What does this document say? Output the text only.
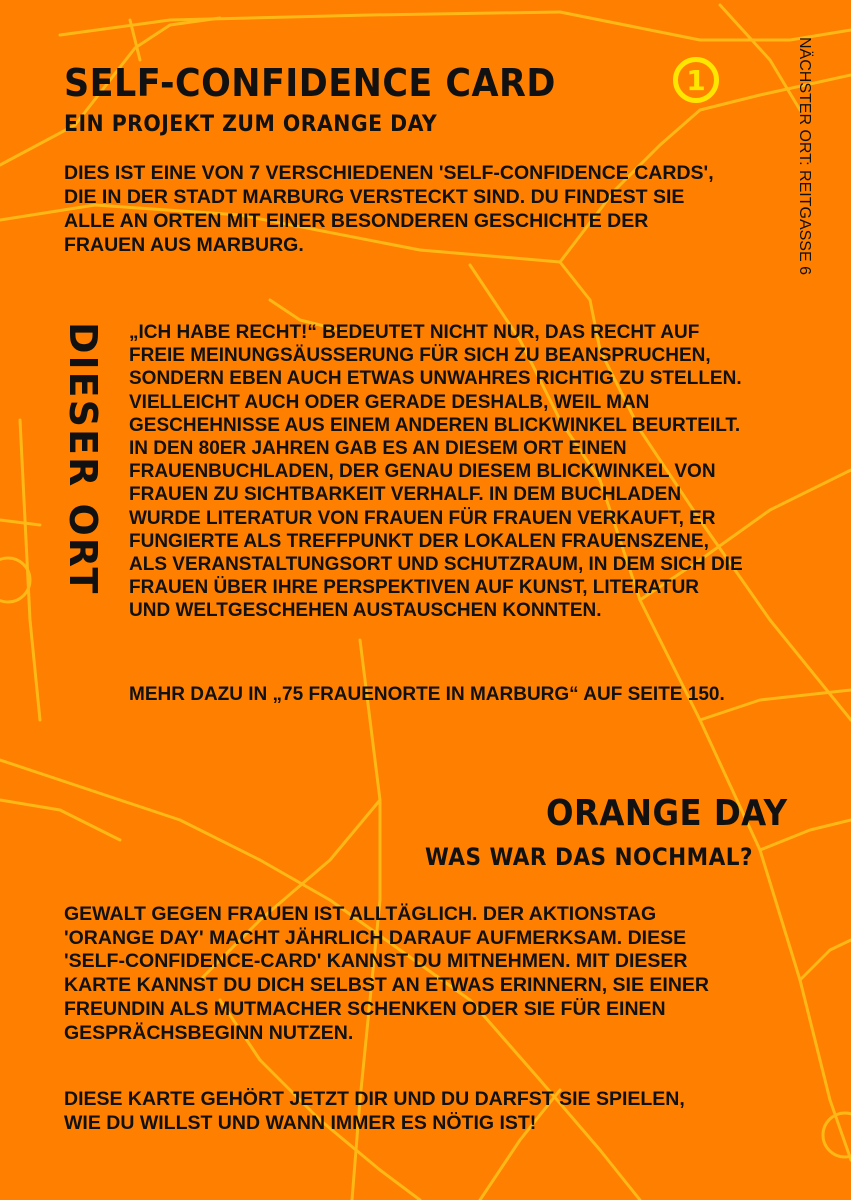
SELF-CONFIDENCE CARD
EIN PROJEKT ZUM ORANGE DAY
1	NÄCHSTER ORT: REITGASSE 6
DIES IST EINE VON 7 VERSCHIEDENEN 'SELF-CONFIDENCE CARDS',
DIE IN DER STADT MARBURG VERSTECKT SIND. DU FINDEST SIE
ALLE AN ORTEN MIT EINER BESONDEREN GESCHICHTE DER
FRAUEN AUS MARBURG.
DIESER ORT „ICH HABE RECHT!“ BEDEUTET NICHT NUR, DAS RECHT AUF
FREIE MEINUNGSÄUSSERUNG FÜR SICH ZU BEANSPRUCHEN,
SONDERN EBEN AUCH ETWAS UNWAHRES RICHTIG ZU STELLEN.
VIELLEICHT AUCH ODER GERADE DESHALB, WEIL MAN
GESCHEHNISSE AUS EINEM ANDEREN BLICKWINKEL BEURTEILT.
IN DEN 80ER JAHREN GAB ES AN DIESEM ORT EINEN
FRAUENBUCHLADEN, DER GENAU DIESEM BLICKWINKEL VON
FRAUEN ZU SICHTBARKEIT VERHALF. IN DEM BUCHLADEN
WURDE LITERATUR VON FRAUEN FÜR FRAUEN VERKAUFT, ER
FUNGIERTE ALS TREFFPUNKT DER LOKALEN FRAUENSZENE,
ALS VERANSTALTUNGSORT UND SCHUTZRAUM, IN DEM SICH DIE
FRAUEN ÜBER IHRE PERSPEKTIVEN AUF KUNST, LITERATUR
UND WELTGESCHEHEN AUSTAUSCHEN KONNTEN.
MEHR DAZU IN „75 FRAUENORTE IN MARBURG“ AUF SEITE 150.
ORANGE DAY
WAS WAR DAS NOCHMAL?
GEWALT GEGEN FRAUEN IST ALLTÄGLICH. DER AKTIONSTAG
'ORANGE DAY' MACHT JÄHRLICH DARAUF AUFMERKSAM. DIESE
'SELF-CONFIDENCE-CARD' KANNST DU MITNEHMEN. MIT DIESER
KARTE KANNST DU DICH SELBST AN ETWAS ERINNERN, SIE EINER
FREUNDIN ALS MUTMACHER SCHENKEN ODER SIE FÜR EINEN
GESPRÄCHSBEGINN NUTZEN.
DIESE KARTE GEHÖRT JETZT DIR UND DU DARFST SIE SPIELEN,
WIE DU WILLST UND WANN IMMER ES NÖTIG IST!
